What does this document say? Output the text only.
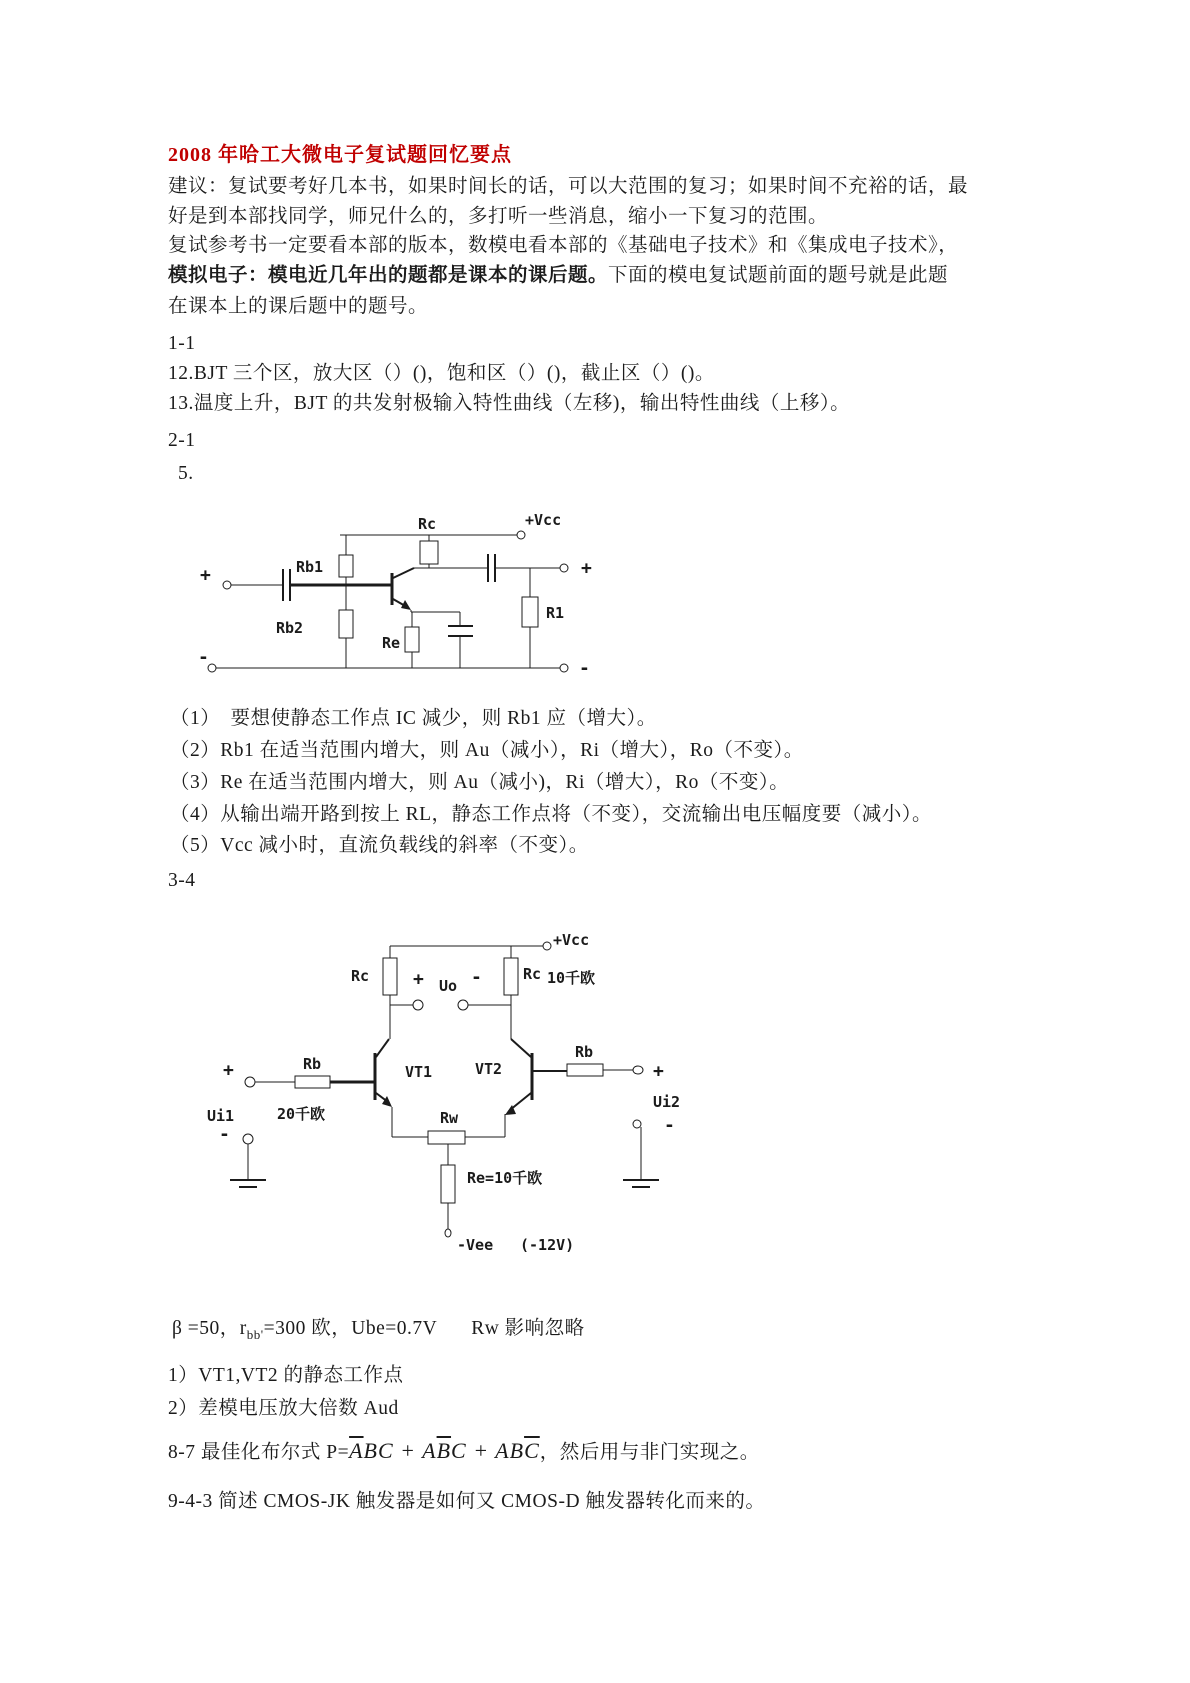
2008 年哈工大微电子复试题回忆要点
建议：复试要考好几本书，如果时间长的话，可以大范围的复习；如果时间不充裕的话，最
好是到本部找同学，师兄什么的，多打听一些消息，缩小一下复习的范围。
复试参考书一定要看本部的版本，数模电看本部的《基础电子技术》和《集成电子技术》，
模拟电子：模电近几年出的题都是课本的课后题。下面的模电复试题前面的题号就是此题
在课本上的课后题中的题号。
1-1
12.BJT 三个区，放大区（）()，饱和区（）()，截止区（）()。
13.温度上升，BJT 的共发射极输入特性曲线（左移)，输出特性曲线（上移）。
2-1
5.
Rc	+Vcc
Rb1
Rb2
Re
R1
+
-
+
-
（1）　要想使静态工作点 IC 减少，则 Rb1 应（增大）。
（2）Rb1 在适当范围内增大，则 Au（减小），Ri（增大），Ro（不变）。
（3）Re 在适当范围内增大，则 Au（减小)，Ri（增大），Ro（不变）。
（4）从输出端开路到按上 RL，静态工作点将（不变），交流输出电压幅度要（减小）。
（5）Vcc 减小时，直流负载线的斜率（不变）。
3-4
+Vcc
Rc	Rc 10千欧
+ Uo -
VT1	VT2
Rb
20千欧
Rb
Rw
Re=10千欧
-Vee (-12V)
Ui1
Ui2
+
-
+
-
β =50，$r_{bb'}=300$ 欧，Ube=0.7V Rw 影响忽略
1）VT1,VT2 的静态工作点
2）差模电压放大倍数 Aud
8-7 最佳化布尔式 $P=\overline{A}BC + A\overline{B}C + AB\overline{C}$，然后用与非门实现之。
9-4-3 简述 CMOS-JK 触发器是如何又 CMOS-D 触发器转化而来的。
